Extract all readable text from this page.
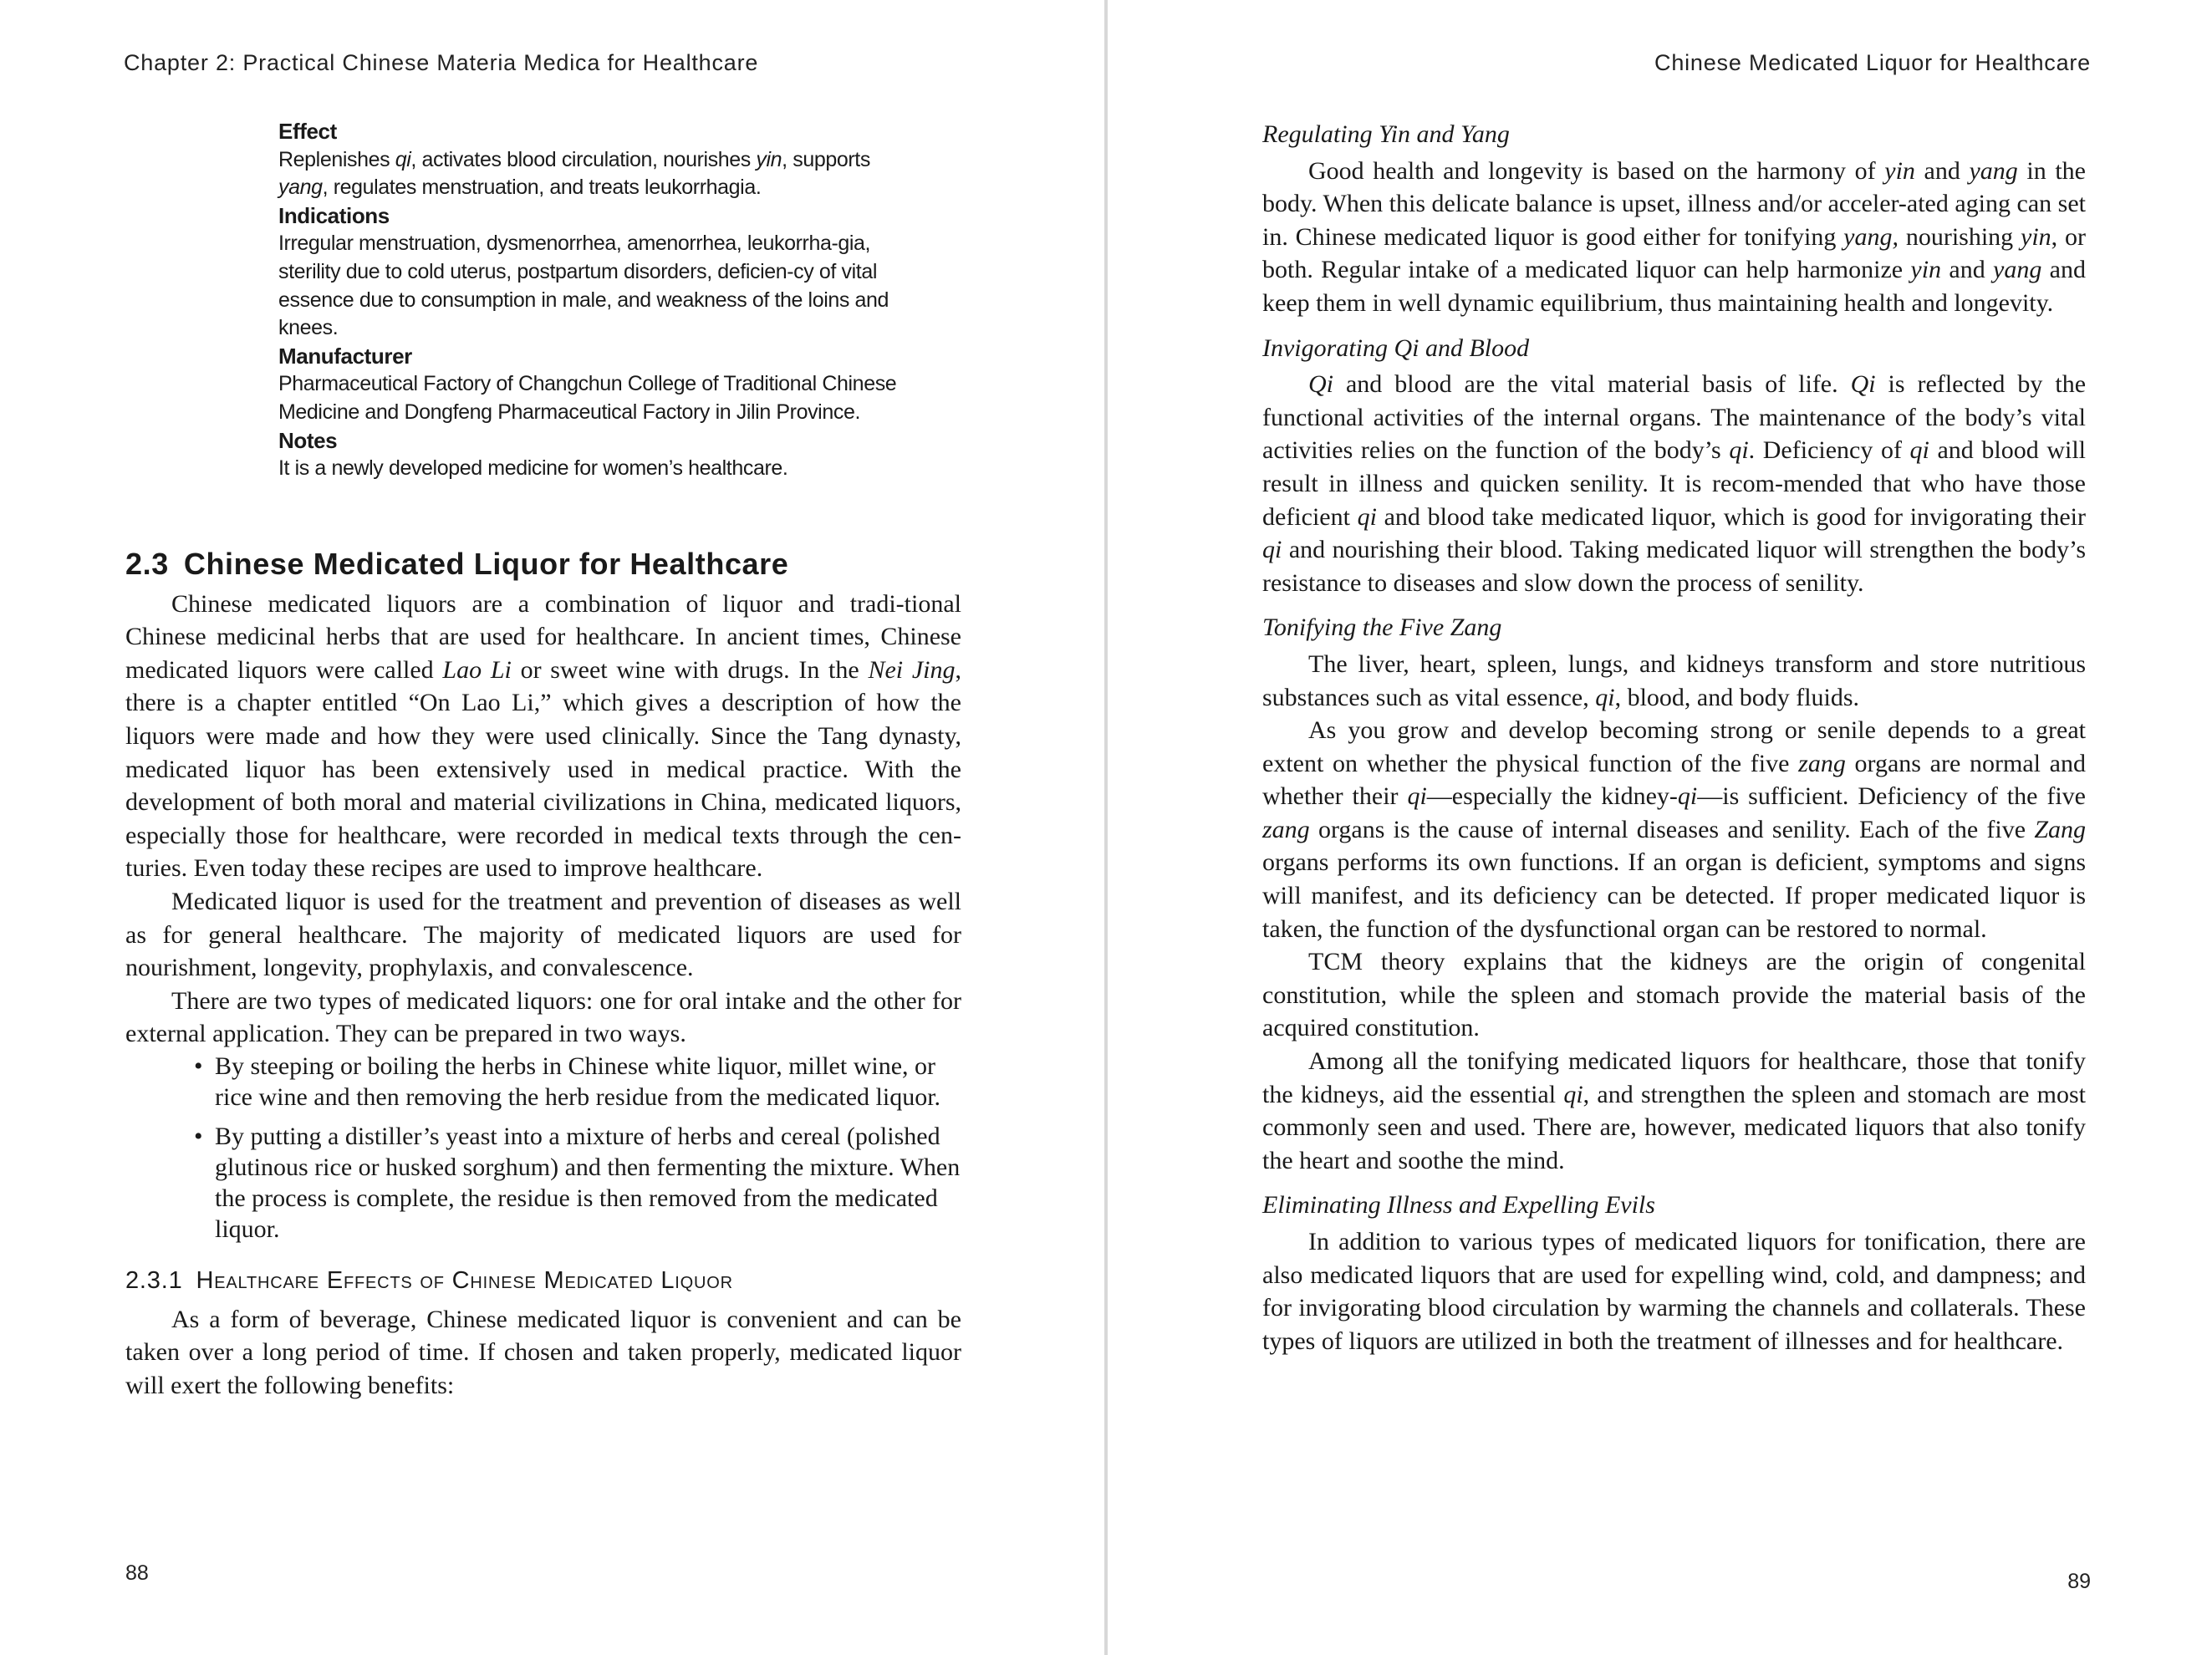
Chapter 2: Practical Chinese Materia Medica for Healthcare

Effect

Replenishes qi, activates blood circulation, nourishes yin, supports yang, regulates menstruation, and treats leukorrhagia.

Indications

Irregular menstruation, dysmenorrhea, amenorrhea, leukorrha-gia, sterility due to cold uterus, postpartum disorders, deficien-cy of vital essence due to consumption in male, and weakness of the loins and knees.

Manufacturer

Pharmaceutical Factory of Changchun College of Traditional Chinese Medicine and Dongfeng Pharmaceutical Factory in Jilin Province.

Notes

It is a newly developed medicine for women’s healthcare.

2.3 Chinese Medicated Liquor for Healthcare

Chinese medicated liquors are a combination of liquor and tradi-tional Chinese medicinal herbs that are used for healthcare. In ancient times, Chinese medicated liquors were called Lao Li or sweet wine with drugs. In the Nei Jing, there is a chapter entitled “On Lao Li,” which gives a description of how the liquors were made and how they were used clinically. Since the Tang dynasty, medicated liquor has been extensively used in medical practice. With the development of both moral and material civilizations in China, medicated liquors, especially those for healthcare, were recorded in medical texts through the cen-turies. Even today these recipes are used to improve healthcare.

Medicated liquor is used for the treatment and prevention of diseases as well as for general healthcare. The majority of medicated liquors are used for nourishment, longevity, prophylaxis, and convalescence.

There are two types of medicated liquors: one for oral intake and the other for external application. They can be prepared in two ways.

• By steeping or boiling the herbs in Chinese white liquor, millet wine, or rice wine and then removing the herb residue from the medicated liquor.
• By putting a distiller’s yeast into a mixture of herbs and cereal (polished glutinous rice or husked sorghum) and then fermenting the mixture. When the process is complete, the residue is then removed from the medicated liquor.
2.3.1 Healthcare Effects of Chinese Medicated Liquor

As a form of beverage, Chinese medicated liquor is convenient and can be taken over a long period of time. If chosen and taken properly, medicated liquor will exert the following benefits:

88
Chinese Medicated Liquor for Healthcare

Regulating Yin and Yang

Good health and longevity is based on the harmony of yin and yang in the body. When this delicate balance is upset, illness and/or acceler-ated aging can set in. Chinese medicated liquor is good either for tonifying yang, nourishing yin, or both. Regular intake of a medicated liquor can help harmonize yin and yang and keep them in well dynamic equilibrium, thus maintaining health and longevity.

Invigorating Qi and Blood

Qi and blood are the vital material basis of life. Qi is reflected by the functional activities of the internal organs. The maintenance of the body’s vital activities relies on the function of the body’s qi. Deficiency of qi and blood will result in illness and quicken senility. It is recom-mended that who have those deficient qi and blood take medicated liquor, which is good for invigorating their qi and nourishing their blood. Taking medicated liquor will strengthen the body’s resistance to diseases and slow down the process of senility.

Tonifying the Five Zang

The liver, heart, spleen, lungs, and kidneys transform and store nutritious substances such as vital essence, qi, blood, and body fluids.

As you grow and develop becoming strong or senile depends to a great extent on whether the physical function of the five zang organs are normal and whether their qi—especially the kidney-qi—is sufficient. Deficiency of the five zang organs is the cause of internal diseases and senility. Each of the five Zang organs performs its own functions. If an organ is deficient, symptoms and signs will manifest, and its deficiency can be detected. If proper medicated liquor is taken, the function of the dysfunctional organ can be restored to normal.

TCM theory explains that the kidneys are the origin of congenital constitution, while the spleen and stomach provide the material basis of the acquired constitution.

Among all the tonifying medicated liquors for healthcare, those that tonify the kidneys, aid the essential qi, and strengthen the spleen and stomach are most commonly seen and used. There are, however, medicated liquors that also tonify the heart and soothe the mind.

Eliminating Illness and Expelling Evils

In addition to various types of medicated liquors for tonification, there are also medicated liquors that are used for expelling wind, cold, and dampness; and for invigorating blood circulation by warming the channels and collaterals. These types of liquors are utilized in both the treatment of illnesses and for healthcare.

89
